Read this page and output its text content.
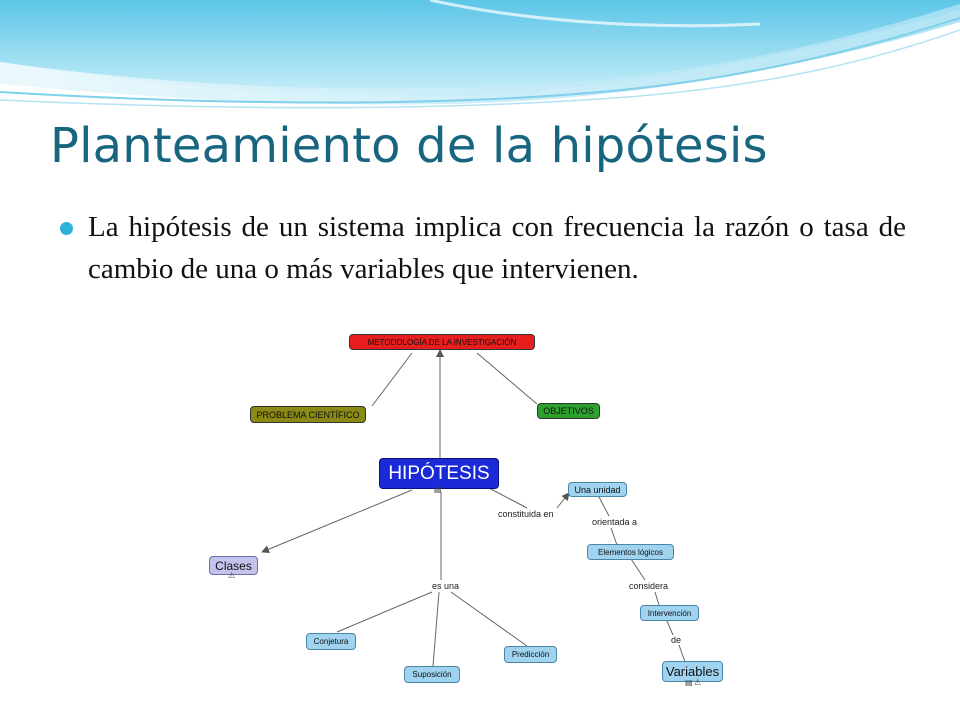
Planteamiento de la hipótesis

La hipótesis de un sistema implica con frecuencia la razón o tasa de cambio de una o más variables que intervienen.

METODOLOGÍA DE LA INVESTIGACIÓN
PROBLEMA CIENTÍFICO	OBJETIVOS
HIPÓTESIS
▤
Clases
⚠
Una unidad
Elementos lógicos
Intervención
Variables
▤ ⚠
Conjetura
Suposición
Predicción
constituida en
orientada a
considera
de
es una
